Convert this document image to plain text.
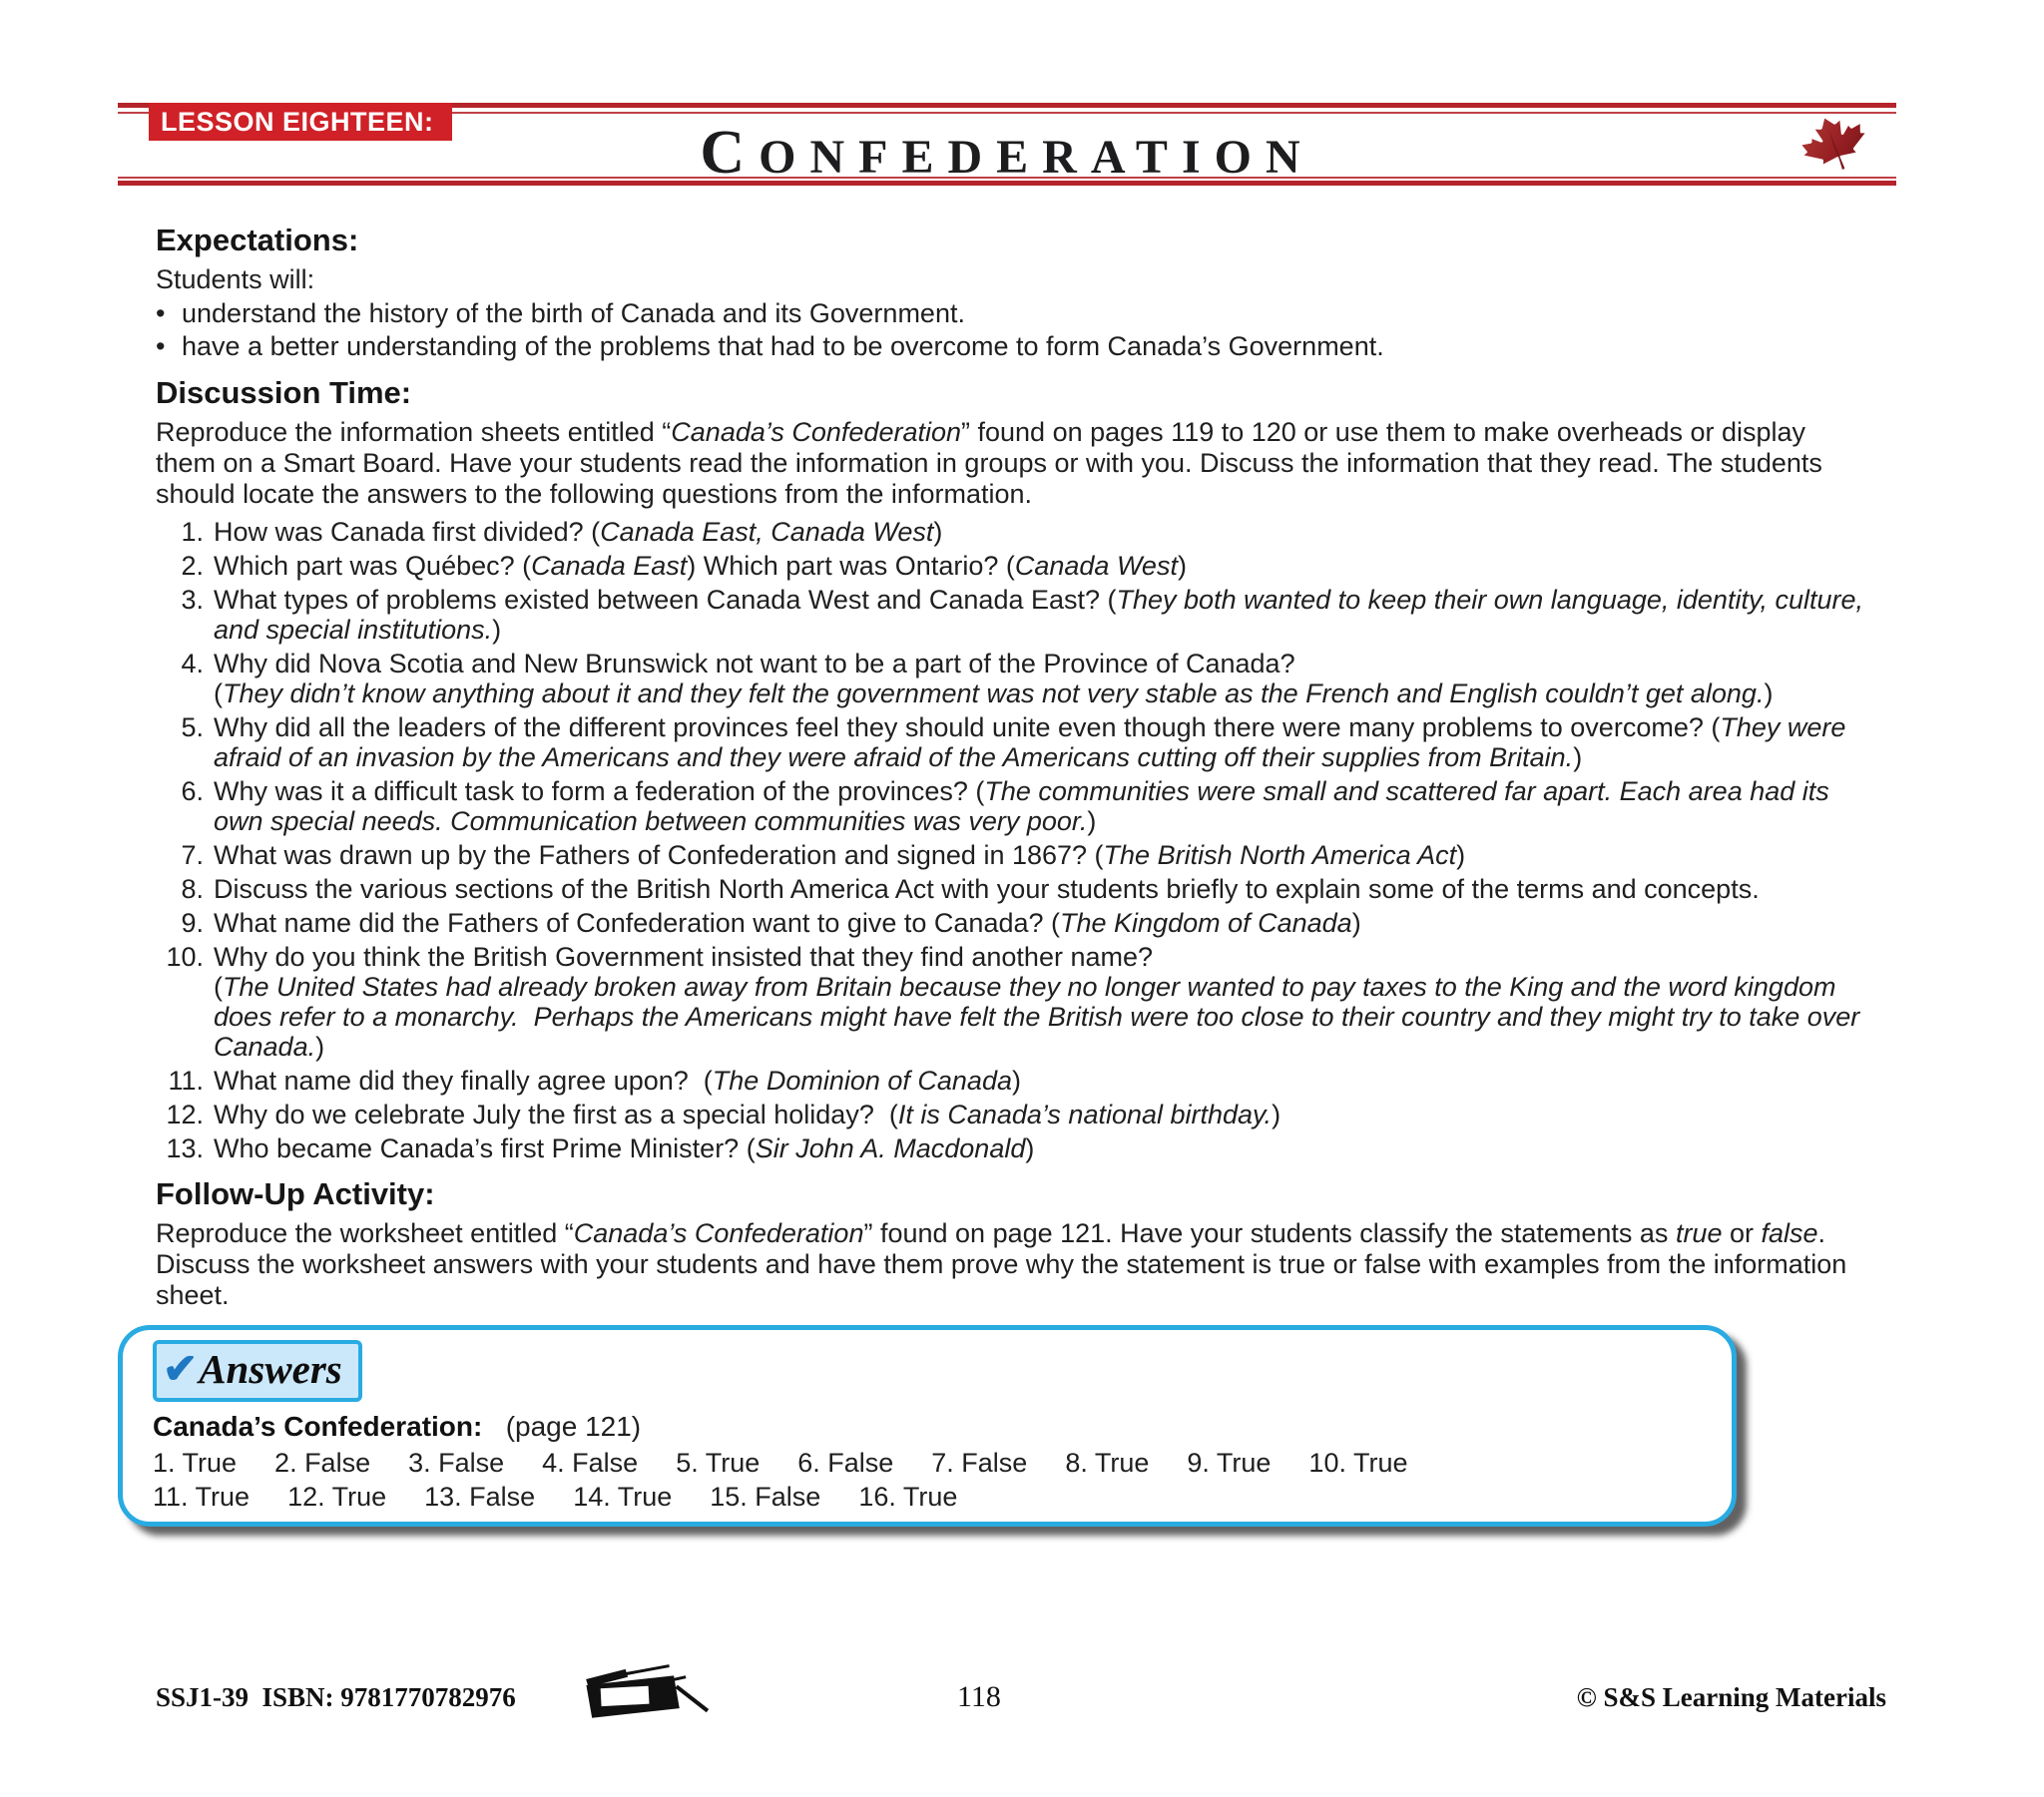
LESSON EIGHTEEN:	CONFEDERATION
Expectations:
Students will:
• understand the history of the birth of Canada and its Government.
• have a better understanding of the problems that had to be overcome to form Canada’s Government.
Discussion Time:
Reproduce the information sheets entitled “Canada’s Confederation” found on pages 119 to 120 or use them to make overheads or display them on a Smart Board. Have your students read the information in groups or with you. Discuss the information that they read. The students should locate the answers to the following questions from the information.
1. How was Canada first divided? (Canada East, Canada West)
2. Which part was Québec? (Canada East) Which part was Ontario? (Canada West)
3. What types of problems existed between Canada West and Canada East? (They both wanted to keep their own language, identity, culture, and special institutions.)
4. Why did Nova Scotia and New Brunswick not want to be a part of the Province of Canada?
(They didn’t know anything about it and they felt the government was not very stable as the French and English couldn’t get along.)
5. Why did all the leaders of the different provinces feel they should unite even though there were many problems to overcome? (They were afraid of an invasion by the Americans and they were afraid of the Americans cutting off their supplies from Britain.)
6. Why was it a difficult task to form a federation of the provinces? (The communities were small and scattered far apart. Each area had its own special needs. Communication between communities was very poor.)
7. What was drawn up by the Fathers of Confederation and signed in 1867? (The British North America Act)
8. Discuss the various sections of the British North America Act with your students briefly to explain some of the terms and concepts.
9. What name did the Fathers of Confederation want to give to Canada? (The Kingdom of Canada)
10. Why do you think the British Government insisted that they find another name?
(The United States had already broken away from Britain because they no longer wanted to pay taxes to the King and the word kingdom does refer to a monarchy.  Perhaps the Americans might have felt the British were too close to their country and they might try to take over Canada.)
11. What name did they finally agree upon?  (The Dominion of Canada)
12. Why do we celebrate July the first as a special holiday?  (It is Canada’s national birthday.)
13. Who became Canada’s first Prime Minister? (Sir John A. Macdonald)
Follow-Up Activity:
Reproduce the worksheet entitled “Canada’s Confederation” found on page 121. Have your students classify the statements as true or false.  Discuss the worksheet answers with your students and have them prove why the statement is true or false with examples from the information sheet.
✔ Answers
Canada’s Confederation: (page 121)
1. True 2. False 3. False 4. False 5. True 6. False 7. False 8. True 9. True 10. True
11. True 12. True 13. False 14. True 15. False 16. True
SSJ1-39  ISBN: 9781770782976	118	© S&S Learning Materials
